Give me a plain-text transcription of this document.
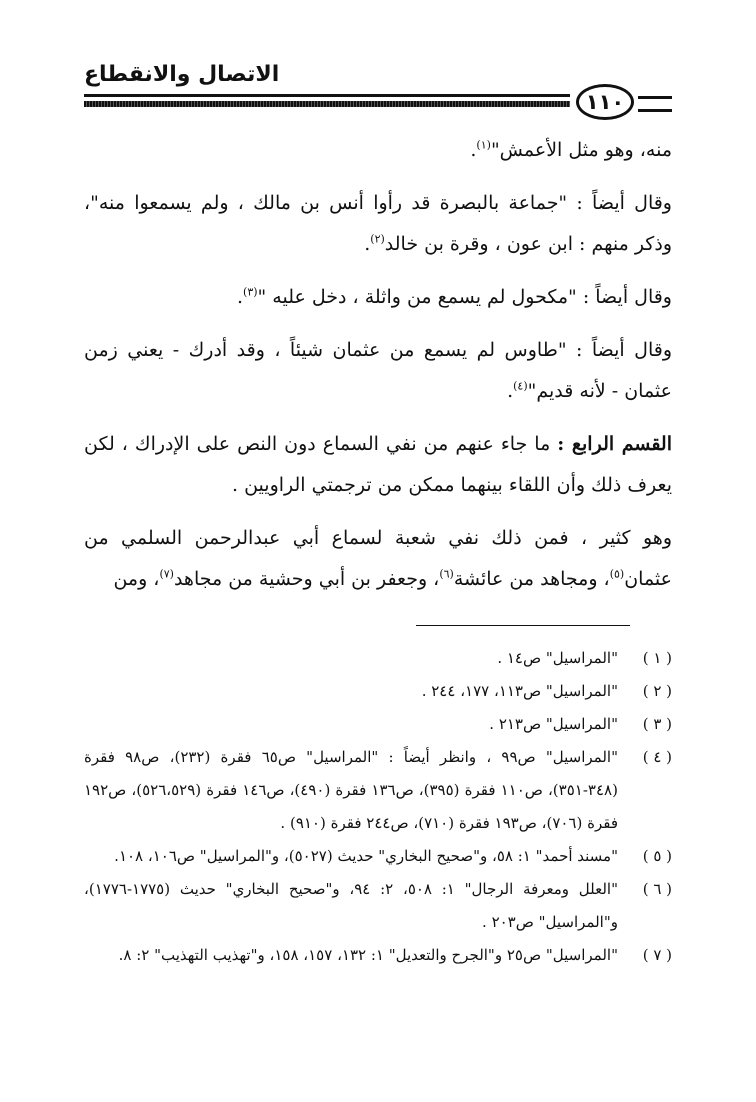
الاتصال والانقطاع
١١٠

منه، وهو مثل الأعمش"$^{(١)}$.

وقال أيضاً : "جماعة بالبصرة قد رأوا أنس بن مالك ، ولم يسمعوا منه"، وذكر منهم : ابن عون ، وقرة بن خالد$^{(٢)}$.

وقال أيضاً : "مكحول لم يسمع من واثلة ، دخل عليه "$^{(٣)}$.

وقال أيضاً : "طاوس لم يسمع من عثمان شيئاً ، وقد أدرك - يعني زمن عثمان - لأنه قديم"$^{(٤)}$.

القسم الرابع : ما جاء عنهم من نفي السماع دون النص على الإدراك ، لكن يعرف ذلك وأن اللقاء بينهما ممكن من ترجمتي الراويين .

وهو كثير ، فمن ذلك نفي شعبة لسماع أبي عبدالرحمن السلمي من عثمان$^{(٥)}$، ومجاهد من عائشة$^{(٦)}$، وجعفر بن أبي وحشية من مجاهد$^{(٧)}$، ومن

( ١ )
"المراسيل" ص١٤ .
( ٢ )
"المراسيل" ص١١٣، ١٧٧، ٢٤٤ .
( ٣ )
"المراسيل" ص٢١٣ .
( ٤ )
"المراسيل" ص٩٩ ، وانظر أيضاً : "المراسيل" ص٦٥ فقرة (٢٣٢)، ص٩٨ فقرة (٣٤٨-٣٥١)، ص١١٠ فقرة (٣٩٥)، ص١٣٦ فقرة (٤٩٠)، ص١٤٦ فقرة (٥٢٦،٥٢٩)، ص١٩٢ فقرة (٧٠٦)، ص١٩٣ فقرة (٧١٠)، ص٢٤٤ فقرة (٩١٠) .
( ٥ )
"مسند أحمد" ١: ٥٨، و"صحيح البخاري" حديث (٥٠٢٧)، و"المراسيل" ص١٠٦، ١٠٨.
( ٦ )
"العلل ومعرفة الرجال" ١: ٥٠٨، ٢: ٩٤، و"صحيح البخاري" حديث (١٧٧٥-١٧٧٦)، و"المراسيل" ص٢٠٣ .
( ٧ )
"المراسيل" ص٢٥ و"الجرح والتعديل" ١: ١٣٢، ١٥٧، ١٥٨، و"تهذيب التهذيب" ٢: ٨.
